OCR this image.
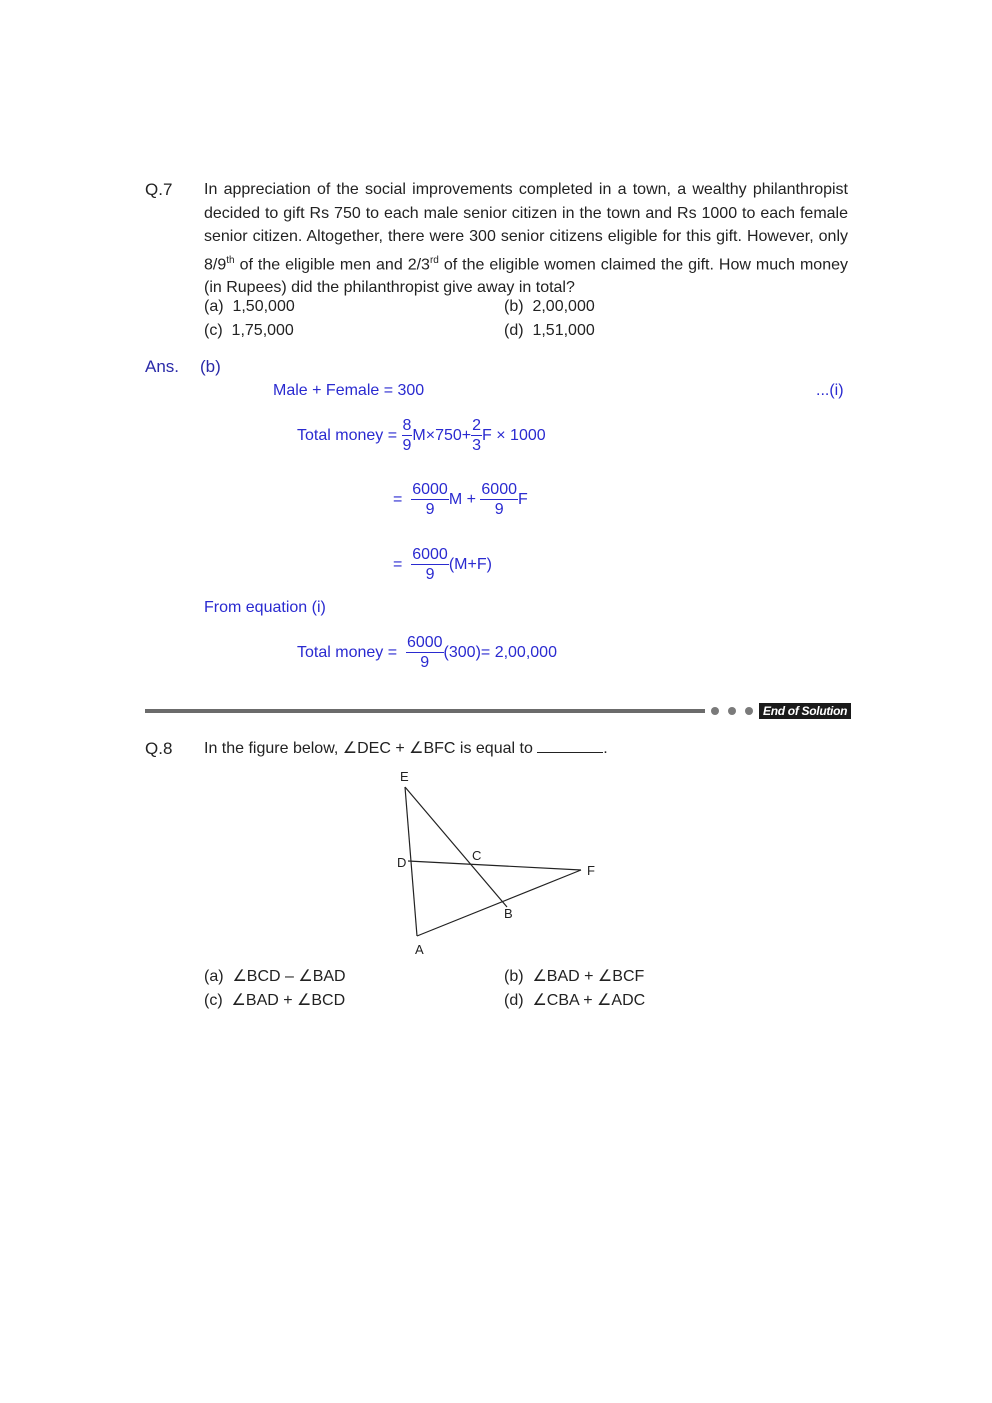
Q.7 In appreciation of the social improvements completed in a town, a wealthy philanthropist decided to gift Rs 750 to each male senior citizen in the town and Rs 1000 to each female senior citizen. Altogether, there were 300 senior citizens eligible for this gift. However, only 8/9th of the eligible men and 2/3rd of the eligible women claimed the gift. How much money (in Rupees) did the philanthropist give away in total?
(a) 1,50,000	(b) 2,00,000
(c) 1,75,000	(d) 1,51,000
Ans. (b)
Male + Female = 300	...(i)
Total money =
$\frac{8}{9} M\times 750+ \frac{2}{3}$ F × 1000
=
$\frac{6000}{9}$ M +
$\frac{6000}{9}$ F
=
$\frac{6000}{9} (M+F)$
From equation (i)
Total money =
$\frac{6000}{9} (300)= 2,00,000$
End of Solution
Q.8 In the figure below, ∠DEC + ∠BFC is equal to	.
E
C
D
F
B
A
(a) ∠BCD – ∠BAD	(b) ∠BAD + ∠BCF
(c) ∠BAD + ∠BCD	(d) ∠CBA + ∠ADC
